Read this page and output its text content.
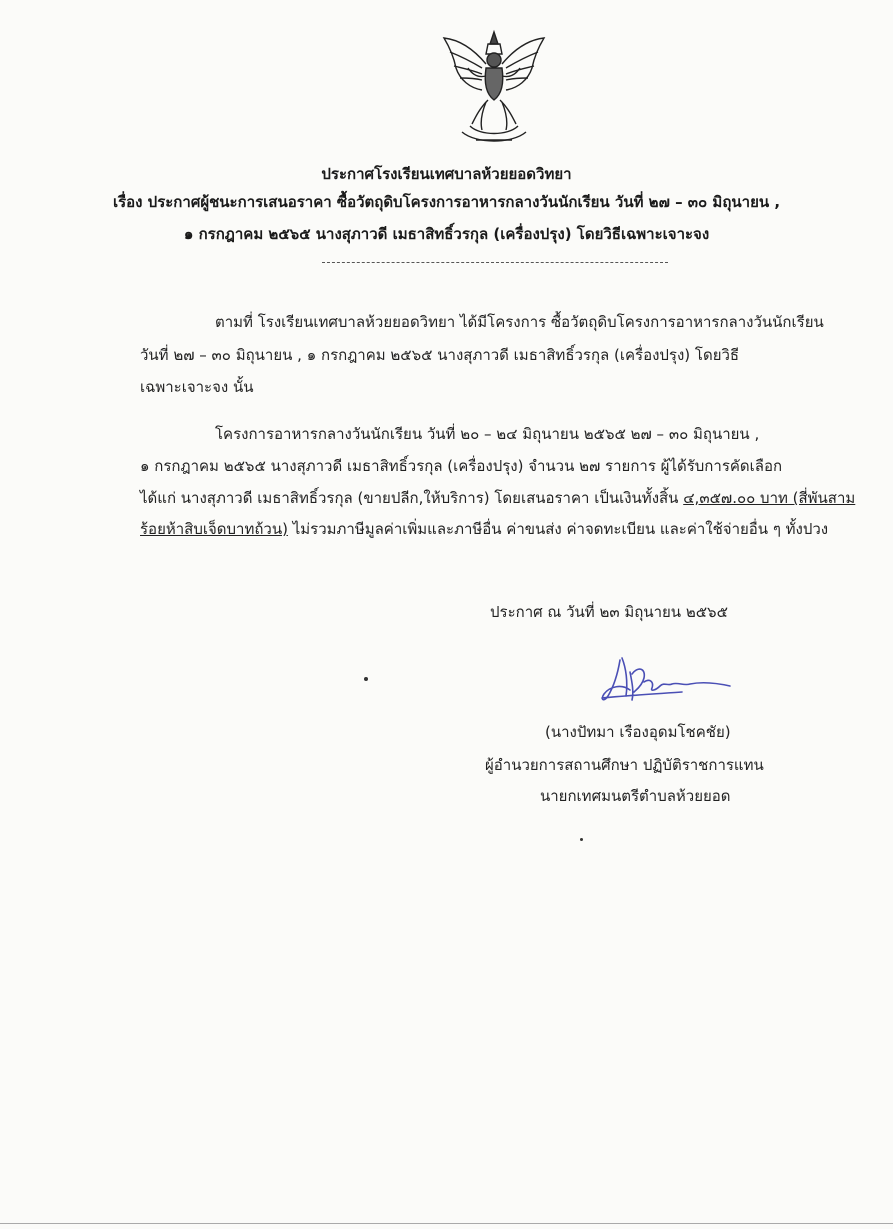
ประกาศโรงเรียนเทศบาลห้วยยอดวิทยา
เรื่อง ประกาศผู้ชนะการเสนอราคา ซื้อวัตถุดิบโครงการอาหารกลางวันนักเรียน วันที่ ๒๗ – ๓๐ มิถุนายน ,
๑ กรกฎาคม ๒๕๖๕ นางสุภาวดี เมธาสิทธิ์วรกุล (เครื่องปรุง) โดยวิธีเฉพาะเจาะจง
ตามที่ โรงเรียนเทศบาลห้วยยอดวิทยา ได้มีโครงการ ซื้อวัตถุดิบโครงการอาหารกลางวันนักเรียน
วันที่ ๒๗ – ๓๐ มิถุนายน , ๑ กรกฎาคม ๒๕๖๕ นางสุภาวดี เมธาสิทธิ์วรกุล (เครื่องปรุง) โดยวิธี
เฉพาะเจาะจง นั้น
โครงการอาหารกลางวันนักเรียน วันที่ ๒๐ – ๒๔ มิถุนายน ๒๕๖๕ ๒๗ – ๓๐ มิถุนายน ,
๑ กรกฎาคม ๒๕๖๕ นางสุภาวดี เมธาสิทธิ์วรกุล (เครื่องปรุง) จำนวน ๒๗ รายการ ผู้ได้รับการคัดเลือก
ได้แก่ นางสุภาวดี เมธาสิทธิ์วรกุล (ขายปลีก,ให้บริการ) โดยเสนอราคา เป็นเงินทั้งสิ้น ๔,๓๕๗.๐๐ บาท (สี่พันสาม
ร้อยห้าสิบเจ็ดบาทถ้วน) ไม่รวมภาษีมูลค่าเพิ่มและภาษีอื่น ค่าขนส่ง ค่าจดทะเบียน และค่าใช้จ่ายอื่น ๆ ทั้งปวง
ประกาศ ณ วันที่ ๒๓ มิถุนายน ๒๕๖๕
(นางปัทมา เรืองอุดมโชคชัย)
ผู้อำนวยการสถานศึกษา ปฏิบัติราชการแทน
นายกเทศมนตรีตำบลห้วยยอด
